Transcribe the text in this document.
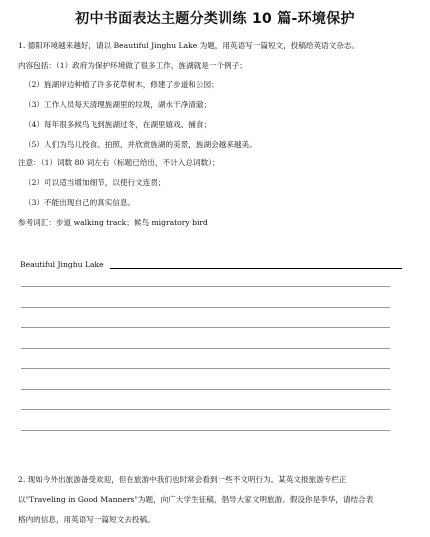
初中书面表达主题分类训练 10 篇-环境保护
1. 德阳环境越来越好，请以 Beautiful Jinghu Lake 为题，用英语写一篇短文，投稿给英语文杂志。
内容包括：（1）政府为保护环境做了很多工作，旌湖就是一个例子；
（2）旌湖岸边种植了许多花草树木，修建了步道和公园；
（3）工作人员每天清理旌湖里的垃圾，湖水干净清澈；
（4）每年很多候鸟飞到旌湖过冬，在湖里嬉戏、捕食；
（5）人们为鸟儿投食、拍照，并欣赏旌湖的美景，旌湖会越来越美。
注意：（1）词数 80 词左右（标题已给出，不计入总词数）；
（2）可以适当增加细节，以使行文连贯；
（3）不能出现自己的真实信息。
参考词汇：步道 walking track；候鸟 migratory bird
Beautiful Jinghu Lake
2. 现如今外出旅游备受欢迎，但在旅游中我们也时常会看到一些不文明行为。某英文报旅游专栏正
以"Traveling in Good Manners"为题，向广大学生征稿，倡导大家文明旅游。假设你是李华，请结合表
格内的信息，用英语写一篇短文去投稿。
